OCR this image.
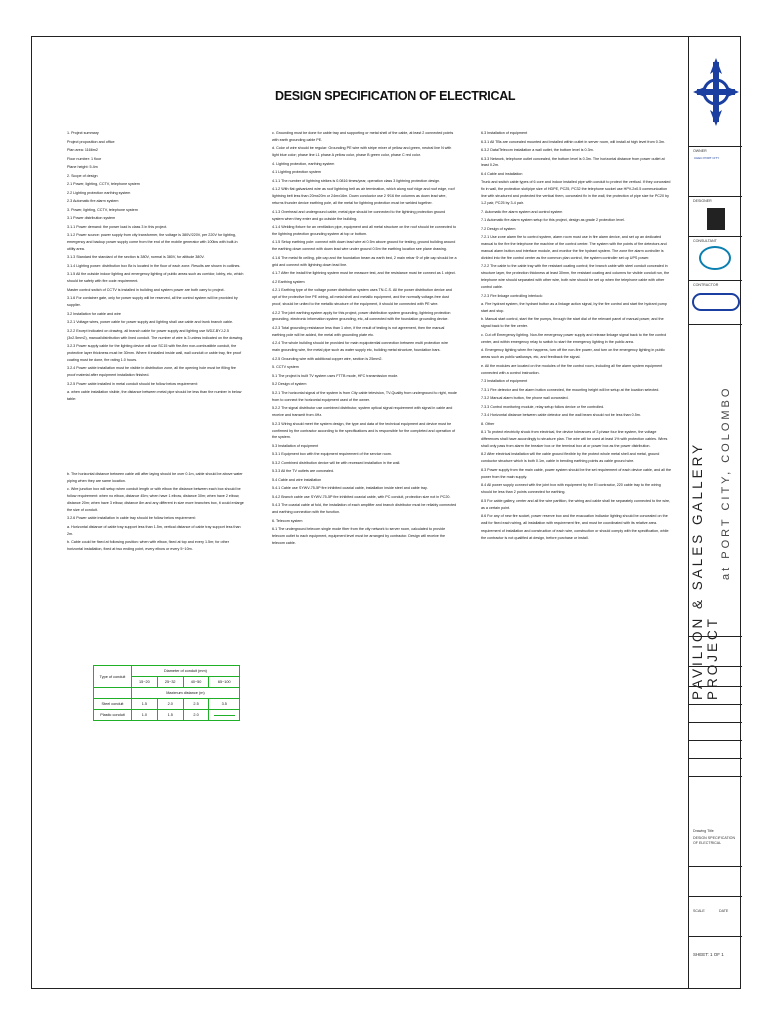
DESIGN SPECIFICATION OF ELECTRICAL

1. Project summary

Project proposition and office

Plan area: 1166m2

Floor number: 1 floor

Plane height: 5.4m

2. Scope of design

2.1 Power, lighting, CCTV, telephone system

2.2 Lighting protection earthing system

2.3 Automatic fire alarm system

3. Power, lighting, CCTV, telephone system

3.1 Power distribution system

3.1.1 Power demand: the power load is class 3 in this project.

3.1.2 Power source: power supply from city transformer, the voltage is 380V/220V, per 220V for lighting, emergency and backup power supply come from the end of the mobile generator with 100kw with built-in utility area.

3.1.3 Standard the standard of the section is 380V, normal is 380V, for altitude 380V.

3.1.4 Lighting power: distribution box Bx is located in the floor of each zone. Results are shown in outlines.

3.1.5 All the outside indoor lighting and emergency lighting of public areas such as corridor, lobby, etc, which should be safety with fire code requirement.

Master control switch of CCTV is installed in building and system power are both carry to project.

3.1.6 For container gate, only for power supply will be reserved, all the control system will be provided by supplier.

3.2 Installation for cable and wire

3.2.1 Voltage wires, power cable for power supply and lighting shall use cable and trunk branch cable.

3.2.2 Except indicated on drawing, all branch cable for power supply and lighting use WDZ-BYJ-2.5 (3x2.5mm2), manual/distribution with lined conduit. The number of wire is 3 unless indicated on the drawing.

3.2.3 Power supply cable for the lighting device will use SC15 with fire-flex non-combustible conduit, the protective layer thickness must be 30mm. Where it installed inside wall, wall conduit or cable tray, fire proof coating must be done, fire rating 1.0 hours.

3.2.4 Power cable installation must be visible in distribution zone, all the opening hole must be filling fire proof material after equipment installation finished.

3.2.5 Power cable installed in metal conduit should be follow below requirement:

a. when cable installation visible, the distance between metal pipe should be less than the number in below table:

b. The horizontal distance between cable will after laying should be over 0.1m, cable should be above water piping when they are same location.

c. Wire junction box will setup when conduit length or with elbow the distance between each box should be follow requirement: when no elbow, distance 45m; when have 1 elbow, distance 30m; when have 2 elbow, distance 20m; when have 3 elbow, distance 8m and any different in size more branches box, it could enlarge the size of conduit.

3.2.6 Power cable installation in cable tray should be follow below requirement:

a. Horizontal distance of cable tray support less than 1.5m, vertical distance of cable tray support less than 2m.

b. Cable could be fixed at following position: when with elbow, fixed at top and every 1.5m; for other horizontal installation, fixed at two ending point, every elbow or every 5~10m.

Type of conduit	Diameter of conduit (mm)			
	15~20	25~32	40~50	65~100
	Maximum distance (m)			
Steel conduit	1.5	2.0	2.5	3.5
Plastic conduit	1.0	1.5	2.0	

c. Grounding must be done for cable tray and supporting or metal shell of the cable, at least 2 connected points with earth grounding cable PE.

d. Color of wire should be regular: Grounding PE wire with stripe mixer of yellow and green, neutral line N with light blue color; phase line L1 phase A yellow color, phase B green color, phase C red color.

4. Lighting protection, earthing system

4.1 Lighting protection system

4.1.1 The number of lightning strikes is 0.0816 times/year, operation class 3 lightning protection design.

4.1.2 With flat galvanized wire as roof lightning belt as air termination, which along roof ridge and roof edge, roof lightning belt less than 20mx20m or 24mx16m. Down conductor use 2 Φ16 the columns as down lead wire, returns thunder device earthing pole, all the metal for lightning protection must be welded together.

4.1.3 Overhead and underground cable, metal pipe should be connected to the lightning protection ground system when they enter and go outside the building.

4.1.4 Welding fixture for an ventilation pipe, equipment and all metal structure on the roof should be connected to the lightning protection grounding system at top or bottom.

4.1.5 Setup earthing pole: connect with down lead wire at 0.5m above ground for testing, ground building around the earthing down connect with down lead wire under ground 0.5m the earthing location see plane drawing.

4.1.6 The metal fix ceiling, pile cap and the foundation beam as earth bed, 2 main rebar Φ of pile cap should be a grid and connect with lightning down lead line.

4.1.7 After the install the lightning system must be measure test, and the resistance must be connect as 1 object.

4.2 Earthing system

4.2.1 Earthing type of the voltage power distribution system uses TN-C-S. All the power distribution device and opt of the protective line PE wiring, all metal shell and metallic equipment, and the normally voltage-free dust proof, should be united to the metallic structure of the equipment, it should be connected with PE wire.

4.2.2 The joint earthing system apply for this project, power distribution system grounding, lightning protection grounding, electronic information system grounding, etc, all connected with the foundation grounding device.

4.2.3 Total grounding resistance less than 1 ohm, if the result of testing is not agreement, then the manual earthing pole will be added, the metal with grounding plate etc.

4.2.4 The whole building should be provided for main equipotential connection between multi protection wire main grounding wire, the metal pipe such as water supply etc, building metal structure, foundation bars.

4.2.5 Grounding wire with additional copper wire, section is 25mm2.

5. CCTV system

5.1 The project is built TV system uses FTTB mode, HFC transmission mode.

5.2 Design of system

5.2.1 The horizontal signal of the system is from City cable television, TV-Quality from underground to right, mode from to connect the horizontal equipment used of the owner.

5.2.2 The signal distributor use combined distributor, system optical signal requirement with signal in cable and receive and transmit from 4Hz.

5.2.3 Wiring should meet the system design, the type and data of the technical equipment and device must be confirmed by the contractor according to the specifications and is responsible for the completed and operation of the system.

5.3 Installation of equipment

5.3.1 Equipment box with the equipment requirement of the service room.

5.3.2 Combined distribution device will be with recessed installation in the wall.

5.3.3 All the TV outlets are concealed.

5.4 Cable and wire installation

5.4.1 Cable use SYWV-75-5P fire inhibited coaxial cable, installation inside steel and cable tray.

5.4.2 Branch cable use SYWV-75-5P fire inhibited coaxial cable, with PC conduit, protection size not in PC20.

5.4.3 The coaxial cable at fold, the installation of each amplifier and branch distributor must be reliably connected and earthing connection with the function.

6. Telecom system

6.1 The underground telecom single mode fiber from the city network to server room, calculated to provide telecom outlet to each equipment, equipment level must be arranged by contractor. Design will receive the telecom cable.

6.3 Installation of equipment

6.3.1 All TBs are concealed mounted and installed within outlet in server room, will install at high level from 0.3m.

6.3.2 Data/Telecom installation a wall outlet, the bottom level is 0.3m.

6.3.3 Network, telephone outlet concealed, the bottom level is 0.3m. The horizontal distance from power outlet at least 0.2m.

6.4 Cable and installation

Trunk and switch cable types of 6 core and indoor installed pipe with conduit to protect the vertical. If they concealed fix in wall, the protection slot/pipe size of HDPE, PC25, PC32 the telephone socket use HPV-2x0.5 communication line with structured and protected the vertical them, concealed fix in the wall, the protection of pipe size for PC20 by 1-2 pair, PC25 by 3-4 pair.

7. Automatic fire alarm system and control system

7.1 Automatic fire alarm system setup for this project, design as grade 2 protection level.

7.2 Design of system

7.2.1 Use zone alarm fire to control system, alarm room must use in fire alarm device, and set up an dedicated manual to the fire the telephone the machine of the control center. The system with the points of fire detectors and manual alarm button and interface module, and monitor the fire hydrant system. The zone fire alarm controller is divided into the fire control center as the common plan control, the system controller set up UPS power.

7.2.2 The cable to the cable tray with fire resistant coating control; the branch cable with steel conduit concealed in structure layer, the protection thickness at least 30mm, fire resistant coating and columns for visible conduit run, the telephone wire should separated with other wire, both wire should be set up when the telephone cable with other control cable.

7.2.3 Fire linkage controlling interlock:

a. Fire hydrant system, the hydrant button as a linkage action signal, by the fire control and start the hydrant pump start and stop.

b. Manual start control, start the fire pumps, through the start dial of the relevant panel of manual power, and the signal back to the fire center.

c. Cut off Emergency lighting. Non-fire emergency power supply and release linkage signal back to the fire control center, and within emergency relay to switch to start the emergency lighting in the public area.

d. Emergency lighting when fire happens, turn off the non-fire power, and turn on the emergency lighting in public areas such as public walkways, etc, and feedback the signal.

e. All the modules are located on the modules of the fire control room, including all fire alarm system equipment connected with a control instruction.

7.3 Installation of equipment

7.3.1 Fire detector and fire alarm button connected, the mounting height will be setup at the location selected.

7.3.2 Manual alarm button, fire phone wall concealed.

7.3.3 Control monitoring module, relay setup follow device or fire controlled.

7.3.4 Horizontal distance between cable detector and the wall beam should not be less than 0.5m.

8. Other

8.1 To protect electricity shock from electrical, the device tolerances of 3 phase four line system, the voltage differences shall have accordingly to structure plan. The wire will be used at least 1% with protection cables. Wires shall only pass from alarm the breaker box or the terminal box at or power box as the power distribution.

8.2 After electrical installation will the cable ground flexible by the protect whole metal shell and metal, ground conductor structure which is both 0.1m, cable in bending earthing points as cable ground wire.

8.3 Power supply from the main cable, power system should be the set requirement of each device cable, and all the power from the main supply.

8.4 All power supply connect with the joint box with equipment by the El contractor, 220 cable tray to the wiring should be less than 2 points connected for earthing.

8.5 For cable gallery, center and all the wire partition, the wiring and cable shall be separately connected to the wire, as a certain point.

8.6 For any of new fire socket, power reserve box and the evacuation indicator lighting should be concealed on the wall for fixed each wiring, all installation with requirement fire, and must be coordinated with its relative area.

requirement of installation and construction of each wire, construction or should comply with the specification, while the contractor is not qualified at design, before purchase or install.

OWNER
CHEC PORT CITY
DESIGNER
CONSULTANT
CONTRACTOR
Drawing Title
DESIGN SPECIFICATION OF ELECTRICAL
SCALE	DATE
SHEET: 1 OF 1
PAVILION & SALES GALLERY PROJECT
at PORT CITY, COLOMBO
